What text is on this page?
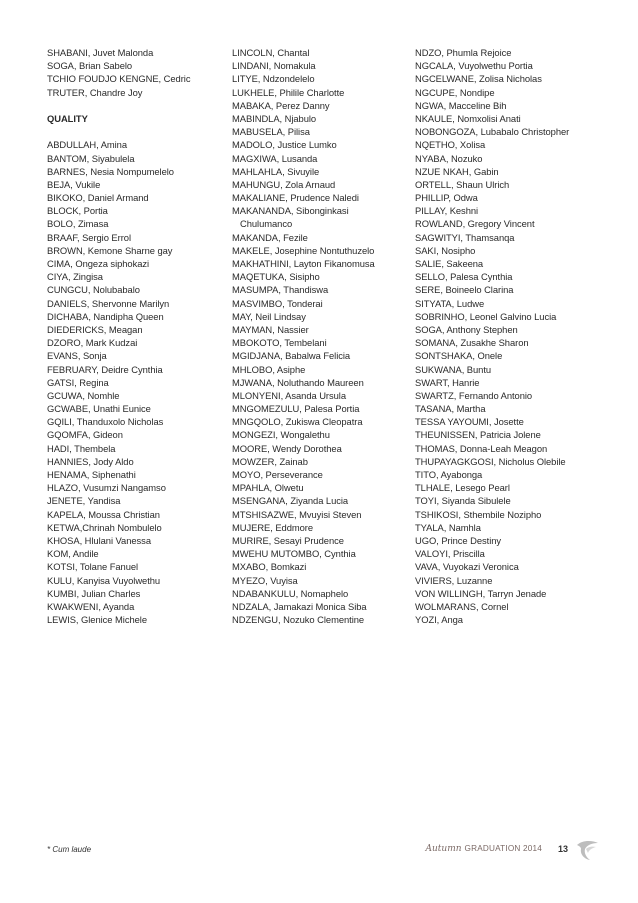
SHABANI, Juvet Malonda
SOGA, Brian Sabelo
TCHIO FOUDJO KENGNE, Cedric
TRUTER, Chandre Joy
QUALITY
ABDULLAH, Amina
BANTOM, Siyabulela
BARNES, Nesia Nompumelelo
BEJA, Vukile
BIKOKO, Daniel Armand
BLOCK, Portia
BOLO, Zimasa
BRAAF, Sergio Errol
BROWN, Kemone Sharne gay
CIMA, Ongeza siphokazi
CIYA, Zingisa
CUNGCU, Nolubabalo
DANIELS, Shervonne Marilyn
DICHABA, Nandipha Queen
DIEDERICKS, Meagan
DZORO, Mark Kudzai
EVANS, Sonja
FEBRUARY, Deidre Cynthia
GATSI, Regina
GCUWA, Nomhle
GCWABE, Unathi Eunice
GQILI, Thanduxolo Nicholas
GQOMFA, Gideon
HADI, Thembela
HANNIES, Jody Aldo
HENAMA, Siphenathi
HLAZO, Vusumzi Nangamso
JENETE, Yandisa
KAPELA, Moussa Christian
KETWA,Chrinah Nombulelo
KHOSA, Hlulani Vanessa
KOM, Andile
KOTSI, Tolane Fanuel
KULU, Kanyisa Vuyolwethu
KUMBI, Julian Charles
KWAKWENI, Ayanda
LEWIS, Glenice Michele
LINCOLN, Chantal
LINDANI, Nomakula
LITYE, Ndzondelelo
LUKHELE, Philile Charlotte
MABAKA, Perez Danny
MABINDLA, Njabulo
MABUSELA, Pilisa
MADOLO, Justice Lumko
MAGXIWA, Lusanda
MAHLAHLA, Sivuyile
MAHUNGU, Zola Arnaud
MAKALIANE, Prudence Naledi
MAKANANDA, Sibonginkasi
Chulumanco
MAKANDA, Fezile
MAKELE, Josephine Nontuthuzelo
MAKHATHINI, Layton Fikanomusa
MAQETUKA, Sisipho
MASUMPA, Thandiswa
MASVIMBO, Tonderai
MAY, Neil Lindsay
MAYMAN, Nassier
MBOKOTO, Tembelani
MGIDJANA, Babalwa Felicia
MHLOBO, Asiphe
MJWANA, Noluthando Maureen
MLONYENI, Asanda Ursula
MNGOMEZULU, Palesa Portia
MNGQOLO, Zukiswa Cleopatra
MONGEZI, Wongalethu
MOORE, Wendy Dorothea
MOWZER, Zainab
MOYO, Perseverance
MPAHLA, Olwetu
MSENGANA, Ziyanda Lucia
MTSHISAZWE, Mvuyisi Steven
MUJERE, Eddmore
MURIRE, Sesayi Prudence
MWEHU MUTOMBO, Cynthia
MXABO, Bomkazi
MYEZO, Vuyisa
NDABANKULU, Nomaphelo
NDZALA, Jamakazi Monica Siba
NDZENGU, Nozuko Clementine
NDZO, Phumla Rejoice
NGCALA, Vuyolwethu Portia
NGCELWANE, Zolisa Nicholas
NGCUPE, Nondipe
NGWA, Macceline Bih
NKAULE, Nomxolisi Anati
NOBONGOZA, Lubabalo Christopher
NQETHO, Xolisa
NYABA, Nozuko
NZUE NKAH, Gabin
ORTELL, Shaun Ulrich
PHILLIP, Odwa
PILLAY, Keshni
ROWLAND, Gregory Vincent
SAGWITYI, Thamsanqa
SAKI, Nosipho
SALIE, Sakeena
SELLO, Palesa Cynthia
SERE, Boineelo Clarina
SITYATA, Ludwe
SOBRINHO, Leonel Galvino Lucia
SOGA, Anthony Stephen
SOMANA, Zusakhe Sharon
SONTSHAKA, Onele
SUKWANA, Buntu
SWART, Hanrie
SWARTZ, Fernando Antonio
TASANA, Martha
TESSA YAYOUMI, Josette
THEUNISSEN, Patricia Jolene
THOMAS, Donna-Leah Meagon
THUPAYAGKGOSI, Nicholus Olebile
TITO, Ayabonga
TLHALE, Lesego Pearl
TOYI, Siyanda Sibulele
TSHIKOSI, Sthembile Nozipho
TYALA, Namhla
UGO, Prince Destiny
VALOYI, Priscilla
VAVA, Vuyokazi Veronica
VIVIERS, Luzanne
VON WILLINGH, Tarryn Jenade
WOLMARANS, Cornel
YOZI, Anga
* Cum laude	Autumn GRADUATION 2014 13
